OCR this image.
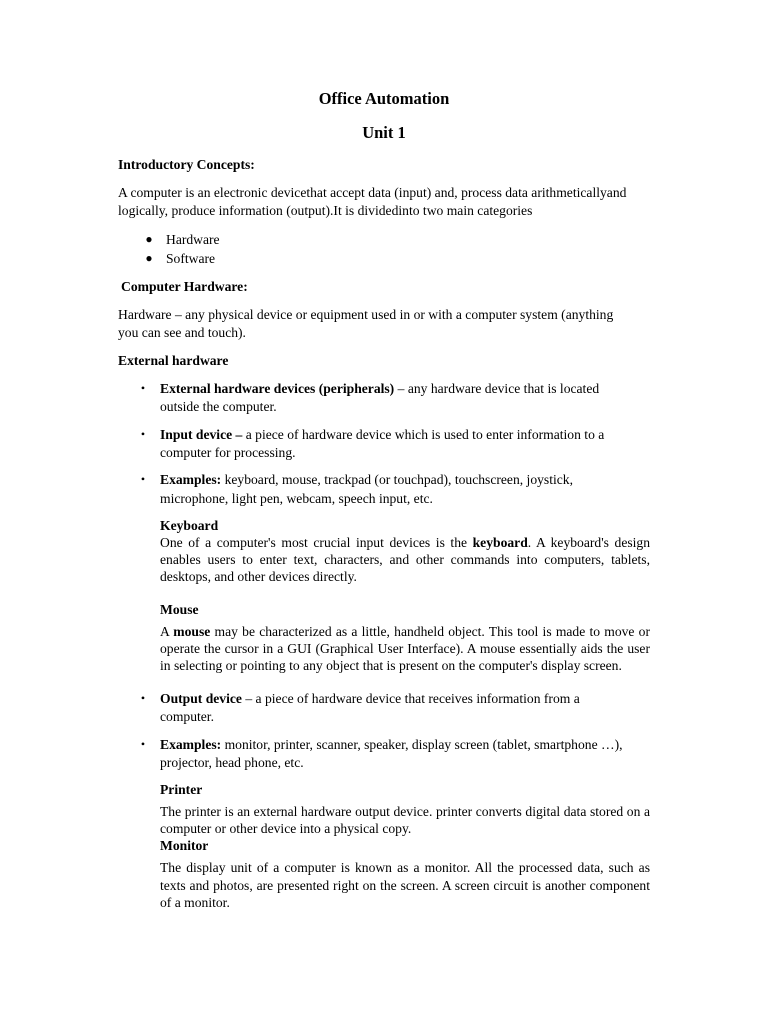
Office Automation
Unit 1
Introductory Concepts:
A computer is an electronic devicethat accept data (input) and, process data arithmeticallyand
logically, produce information (output).It is dividedinto two main categories
● Hardware
● Software
Computer Hardware:
Hardware – any physical device or equipment used in or with a computer system (anything
you can see and touch).
External hardware
• External hardware devices (peripherals) – any hardware device that is located
outside the computer.
• Input device – a piece of hardware device which is used to enter information to a
computer for processing.
• Examples: keyboard, mouse, trackpad (or touchpad), touchscreen, joystick,
microphone, light pen, webcam, speech input, etc.
Keyboard
One of a computer's most crucial input devices is the keyboard. A keyboard's design enables users to enter text, characters, and other commands into computers, tablets, desktops, and other devices directly.
Mouse
A mouse may be characterized as a little, handheld object. This tool is made to move or operate the cursor in a GUI (Graphical User Interface). A mouse essentially aids the user in selecting or pointing to any object that is present on the computer's display screen.
• Output device – a piece of hardware device that receives information from a
computer.
• Examples: monitor, printer, scanner, speaker, display screen (tablet, smartphone …),
projector, head phone, etc.
Printer
The printer is an external hardware output device. printer converts digital data stored on a computer or other device into a physical copy.
Monitor
The display unit of a computer is known as a monitor. All the processed data, such as texts and photos, are presented right on the screen. A screen circuit is another component of a monitor.
